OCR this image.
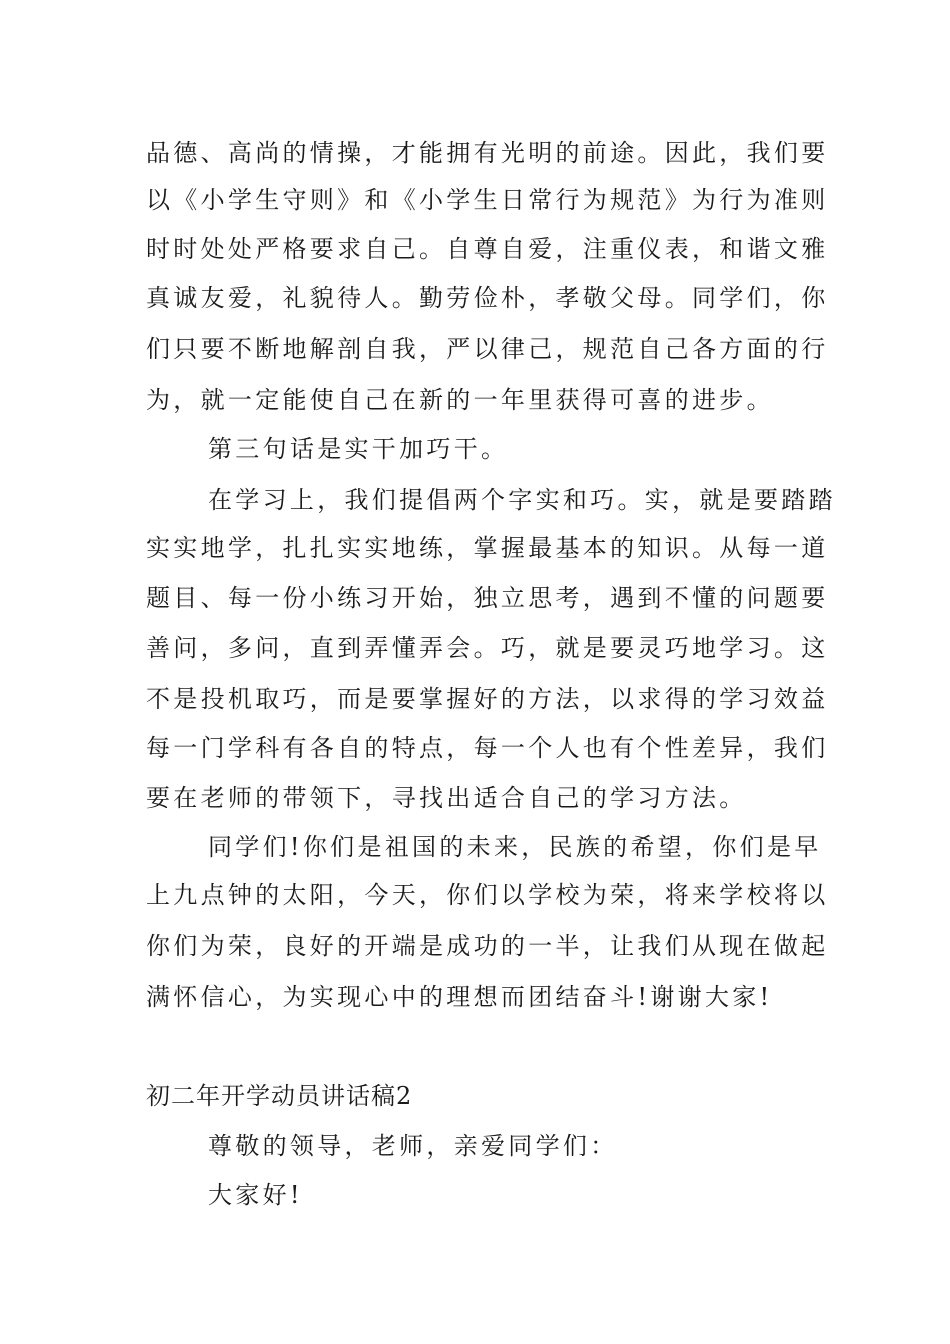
品德、高尚的情操，才能拥有光明的前途。因此，我们要
以《小学生守则》和《小学生日常行为规范》为行为准则
时时处处严格要求自己。自尊自爱，注重仪表，和谐文雅
真诚友爱，礼貌待人。勤劳俭朴，孝敬父母。同学们，你
们只要不断地解剖自我，严以律己，规范自己各方面的行
为，就一定能使自己在新的一年里获得可喜的进步。
第三句话是实干加巧干。
在学习上，我们提倡两个字实和巧。实，就是要踏踏
实实地学，扎扎实实地练，掌握最基本的知识。从每一道
题目、每一份小练习开始，独立思考，遇到不懂的问题要
善问，多问，直到弄懂弄会。巧，就是要灵巧地学习。这
不是投机取巧，而是要掌握好的方法，以求得的学习效益
每一门学科有各自的特点，每一个人也有个性差异，我们
要在老师的带领下，寻找出适合自己的学习方法。
同学们!你们是祖国的未来，民族的希望，你们是早
上九点钟的太阳，今天，你们以学校为荣，将来学校将以
你们为荣，良好的开端是成功的一半，让我们从现在做起
满怀信心，为实现心中的理想而团结奋斗!谢谢大家!
初二年开学动员讲话稿2
尊敬的领导，老师，亲爱同学们：
大家好!
